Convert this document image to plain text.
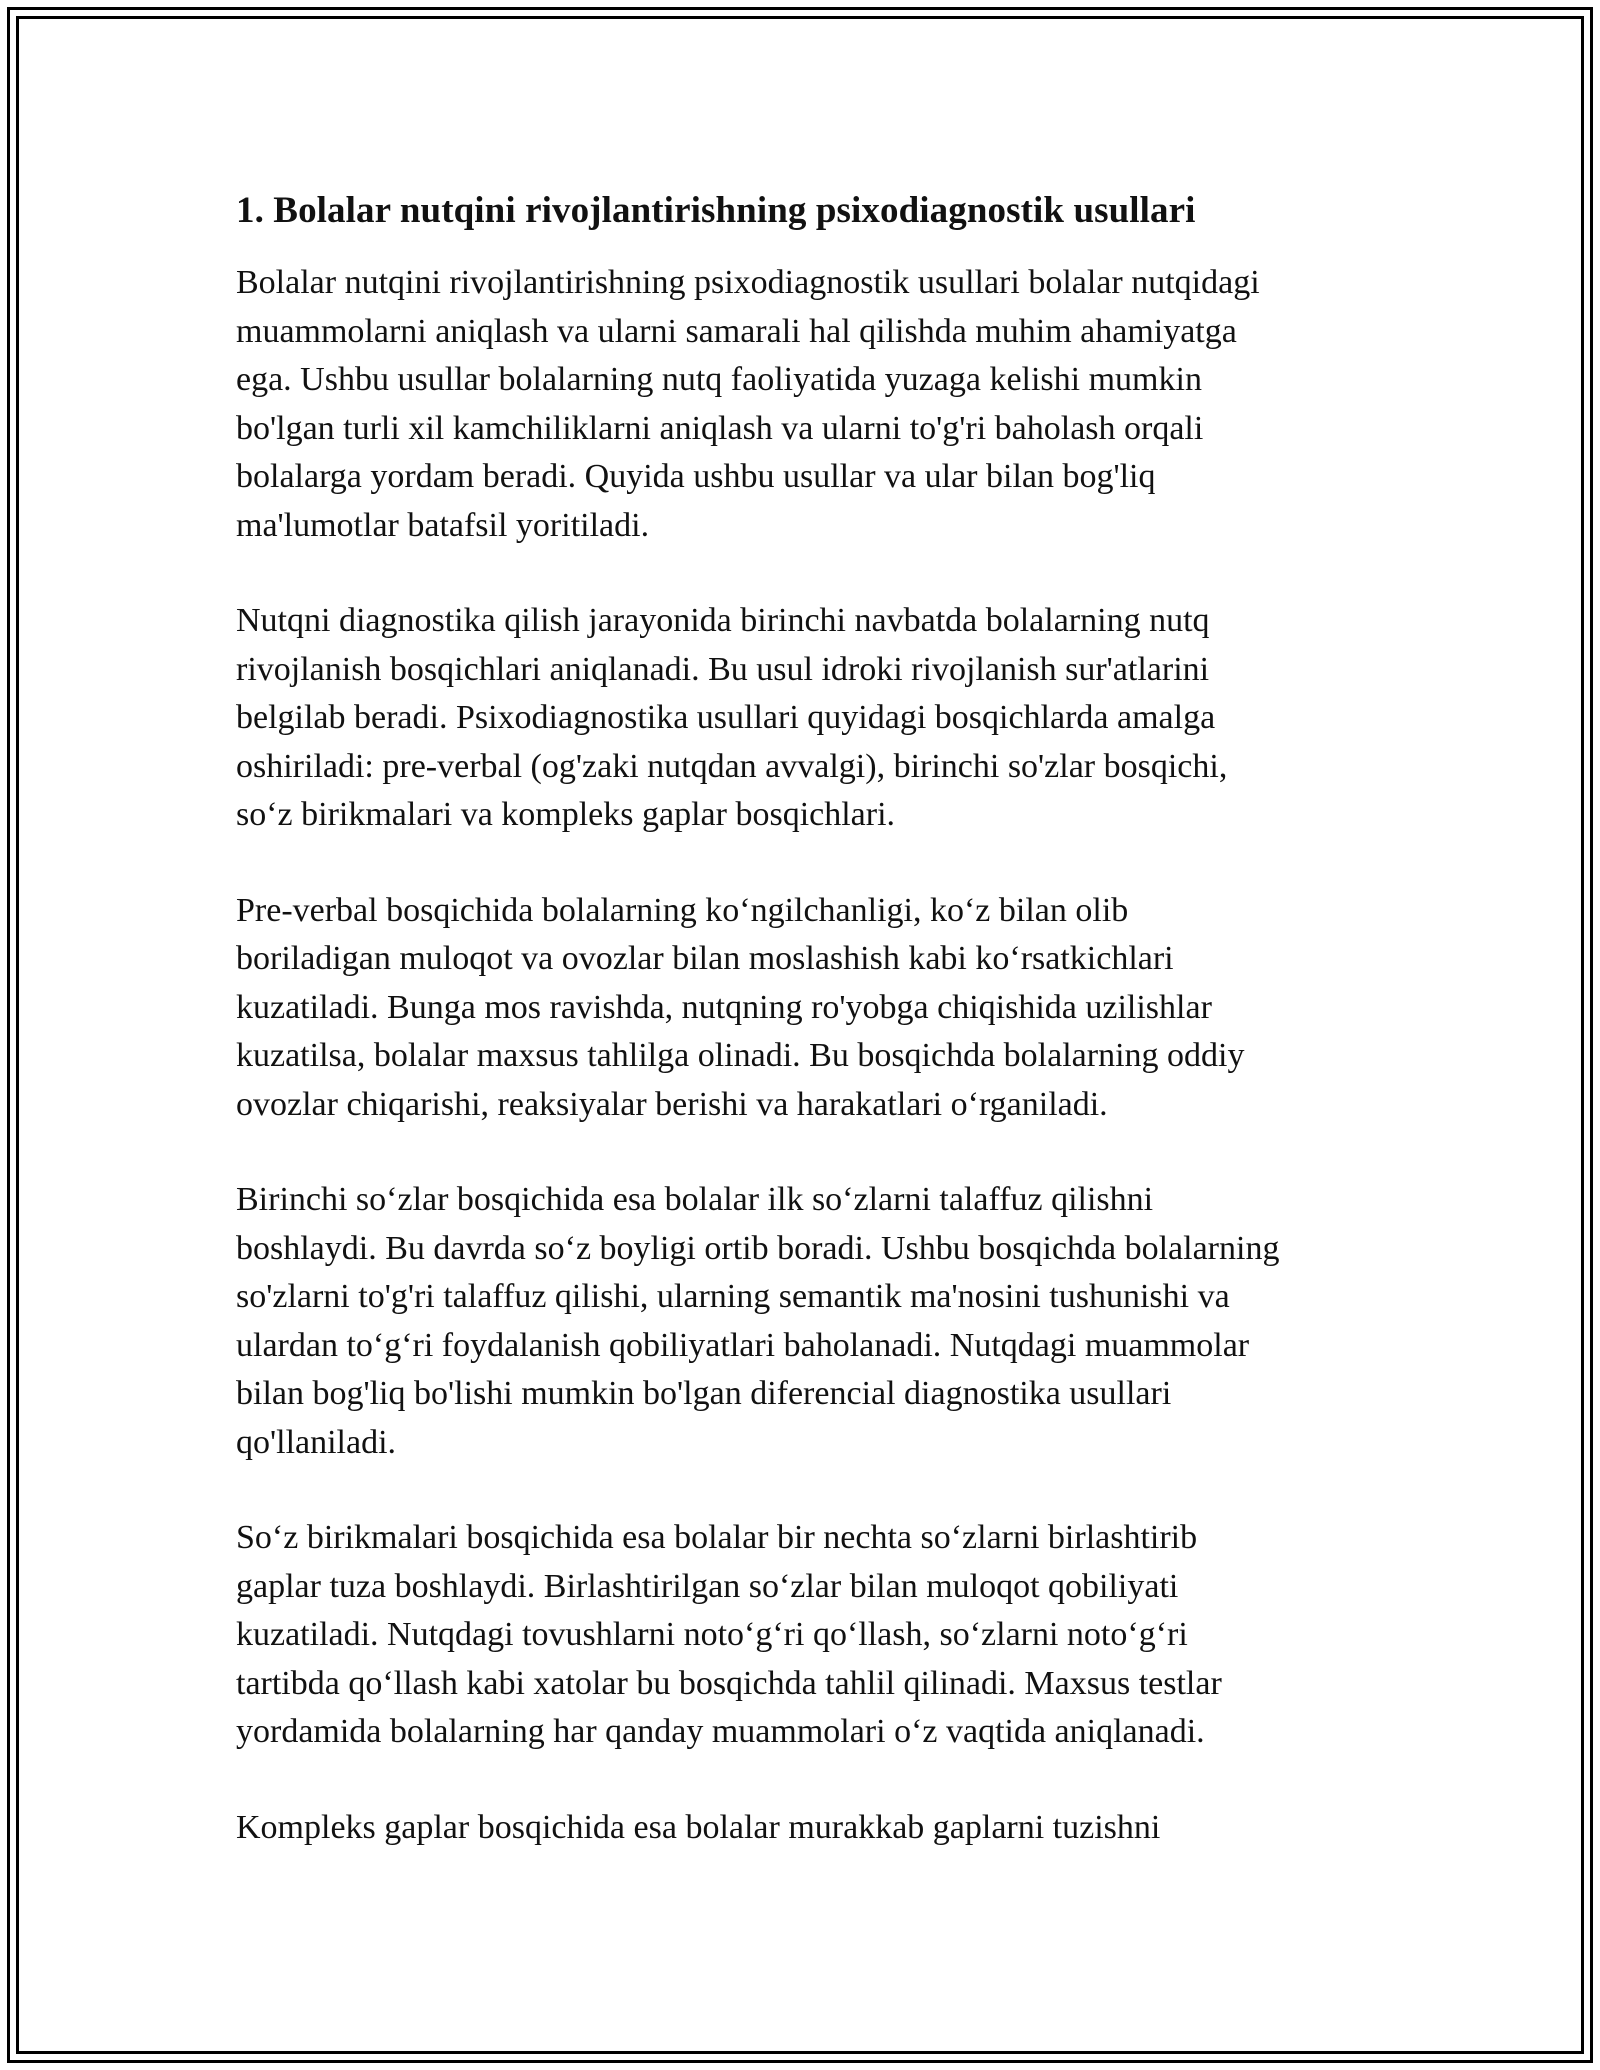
1. Bolalar nutqini rivojlantirishning psixodiagnostik usullari

Bolalar nutqini rivojlantirishning psixodiagnostik usullari bolalar nutqidagi
muammolarni aniqlash va ularni samarali hal qilishda muhim ahamiyatga
ega. Ushbu usullar bolalarning nutq faoliyatida yuzaga kelishi mumkin
bo'lgan turli xil kamchiliklarni aniqlash va ularni to'g'ri baholash orqali
bolalarga yordam beradi. Quyida ushbu usullar va ular bilan bog'liq
ma'lumotlar batafsil yoritiladi.

Nutqni diagnostika qilish jarayonida birinchi navbatda bolalarning nutq
rivojlanish bosqichlari aniqlanadi. Bu usul idroki rivojlanish sur'atlarini
belgilab beradi. Psixodiagnostika usullari quyidagi bosqichlarda amalga
oshiriladi: pre-verbal (og'zaki nutqdan avvalgi), birinchi so'zlar bosqichi,
so‘z birikmalari va kompleks gaplar bosqichlari.

Pre-verbal bosqichida bolalarning ko‘ngilchanligi, ko‘z bilan olib
boriladigan muloqot va ovozlar bilan moslashish kabi ko‘rsatkichlari
kuzatiladi. Bunga mos ravishda, nutqning ro'yobga chiqishida uzilishlar
kuzatilsa, bolalar maxsus tahlilga olinadi. Bu bosqichda bolalarning oddiy
ovozlar chiqarishi, reaksiyalar berishi va harakatlari o‘rganiladi.

Birinchi so‘zlar bosqichida esa bolalar ilk so‘zlarni talaffuz qilishni
boshlaydi. Bu davrda so‘z boyligi ortib boradi. Ushbu bosqichda bolalarning
so'zlarni to'g'ri talaffuz qilishi, ularning semantik ma'nosini tushunishi va
ulardan to‘g‘ri foydalanish qobiliyatlari baholanadi. Nutqdagi muammolar
bilan bog'liq bo'lishi mumkin bo'lgan diferencial diagnostika usullari
qo'llaniladi.

So‘z birikmalari bosqichida esa bolalar bir nechta so‘zlarni birlashtirib
gaplar tuza boshlaydi. Birlashtirilgan so‘zlar bilan muloqot qobiliyati
kuzatiladi. Nutqdagi tovushlarni noto‘g‘ri qo‘llash, so‘zlarni noto‘g‘ri
tartibda qo‘llash kabi xatolar bu bosqichda tahlil qilinadi. Maxsus testlar
yordamida bolalarning har qanday muammolari o‘z vaqtida aniqlanadi.

Kompleks gaplar bosqichida esa bolalar murakkab gaplarni tuzishni
